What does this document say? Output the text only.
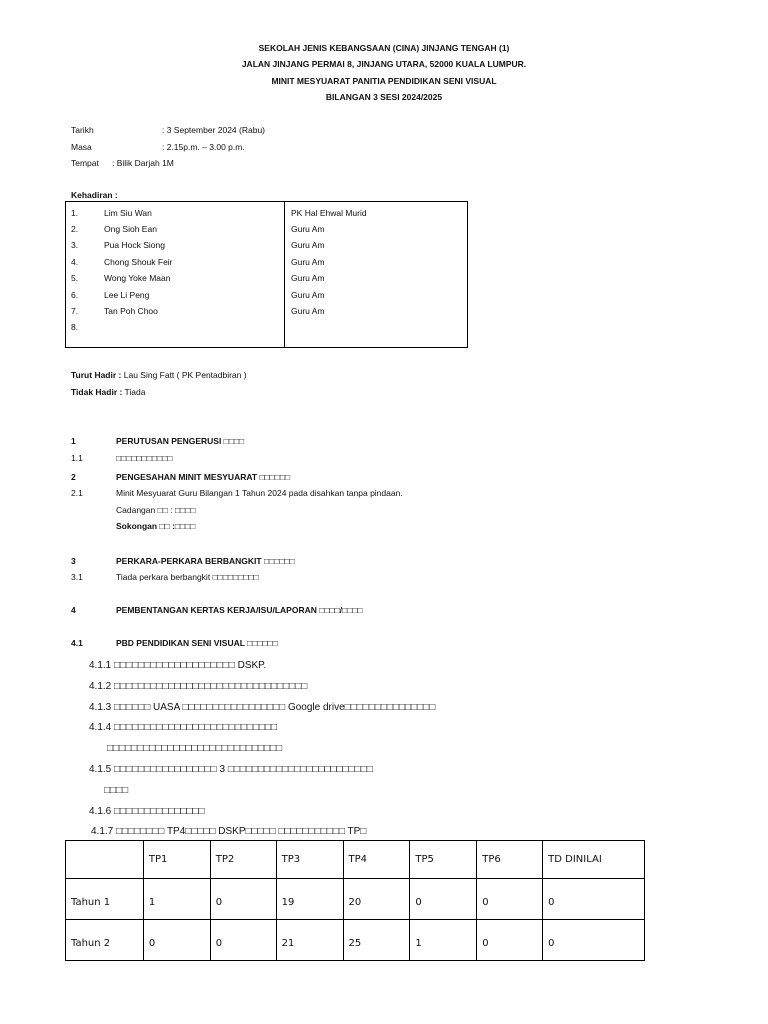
SEKOLAH JENIS KEBANGSAAN (CINA) JINJANG TENGAH (1)
JALAN JINJANG PERMAI 8, JINJANG UTARA, 52000 KUALA LUMPUR.
MINIT MESYUARAT PANITIA PENDIDIKAN SENI VISUAL
BILANGAN 3 SESI 2024/2025
Tarikh	: 3 September 2024 (Rabu)
Masa	: 2.15p.m. – 3.00 p.m.
Tempat : Bilik Darjah 1M
Kehadiran :
1.	Lim Siu Wan	PK Hal Ehwal Murid
2.	Ong Sioh Ean	Guru Am
3.	Pua Hock Siong	Guru Am
4.	Chong Shouk Feir	Guru Am
5.	Wong Yoke Maan	Guru Am
6.	Lee Li Peng	Guru Am
7.	Tan Poh Choo	Guru Am
8.
Turut Hadir : Lau Sing Fatt ( PK Pentadbiran )
Tidak Hadir : Tiada
1	PERUTUSAN PENGERUSI □□□□
1.1	□□□□□□□□□□□
2	PENGESAHAN MINIT MESYUARAT □□□□□□
2.1	Minit Mesyuarat Guru Bilangan 1 Tahun 2024 pada disahkan tanpa pindaan.
Cadangan □□ : □□□□
Sokongan □□ :□□□□
3	PERKARA-PERKARA BERBANGKIT □□□□□□
3.1	Tiada perkara berbangkit □□□□□□□□□
4	PEMBENTANGAN KERTAS KERJA/ISU/LAPORAN □□□□/□□□□
4.1	PBD PENDIDIKAN SENI VISUAL □□□□□□
4.1.1 □□□□□□□□□□□□□□□□□□□□ DSKP.
4.1.2 □□□□□□□□□□□□□□□□□□□□□□□□□□□□□□□□
4.1.3 □□□□□□ UASA □□□□□□□□□□□□□□□□□ Google drive□□□□□□□□□□□□□□□
4.1.4 □□□□□□□□□□□□□□□□□□□□□□□□□□□
□□□□□□□□□□□□□□□□□□□□□□□□□□□□□
4.1.5 □□□□□□□□□□□□□□□□□ 3 □□□□□□□□□□□□□□□□□□□□□□□□
□□□□
4.1.6 □□□□□□□□□□□□□□□
4.1.7 □□□□□□□□ TP4□□□□□ DSKP□□□□□ □□□□□□□□□□□ TP□
	TP1	TP2	TP3	TP4	TP5	TP6	TD DINILAI
Tahun 1	1	0	19	20	0	0	0
Tahun 2	0	0	21	25	1	0	0
